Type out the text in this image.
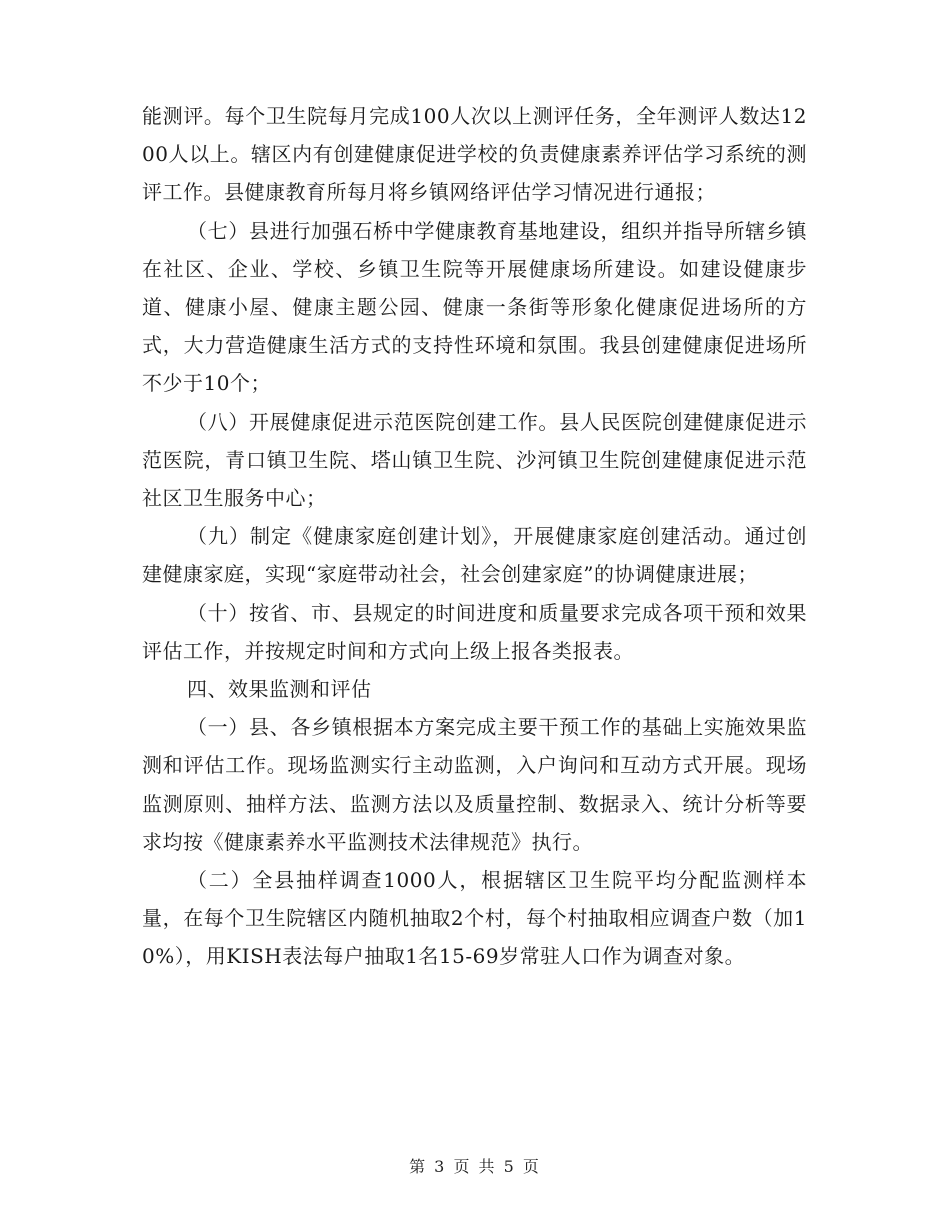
能测评。每个卫生院每月完成100人次以上测评任务，全年测评人数达1200人以上。辖区内有创建健康促进学校的负责健康素养评估学习系统的测评工作。县健康教育所每月将乡镇网络评估学习情况进行通报；

（七）县进行加强石桥中学健康教育基地建设，组织并指导所辖乡镇在社区、企业、学校、乡镇卫生院等开展健康场所建设。如建设健康步道、健康小屋、健康主题公园、健康一条街等形象化健康促进场所的方式，大力营造健康生活方式的支持性环境和氛围。我县创建健康促进场所不少于10个；

（八）开展健康促进示范医院创建工作。县人民医院创建健康促进示范医院，青口镇卫生院、塔山镇卫生院、沙河镇卫生院创建健康促进示范社区卫生服务中心；

（九）制定《健康家庭创建计划》，开展健康家庭创建活动。通过创建健康家庭，实现“家庭带动社会，社会创建家庭”的协调健康进展；

（十）按省、市、县规定的时间进度和质量要求完成各项干预和效果评估工作，并按规定时间和方式向上级上报各类报表。

四、效果监测和评估

（一）县、各乡镇根据本方案完成主要干预工作的基础上实施效果监测和评估工作。现场监测实行主动监测，入户询问和互动方式开展。现场监测原则、抽样方法、监测方法以及质量控制、数据录入、统计分析等要求均按《健康素养水平监测技术法律规范》执行。

（二）全县抽样调查1000人，根据辖区卫生院平均分配监测样本量，在每个卫生院辖区内随机抽取2个村，每个村抽取相应调查户数（加10%），用KISH表法每户抽取1名15-69岁常驻人口作为调查对象。

第 3 页 共 5 页
